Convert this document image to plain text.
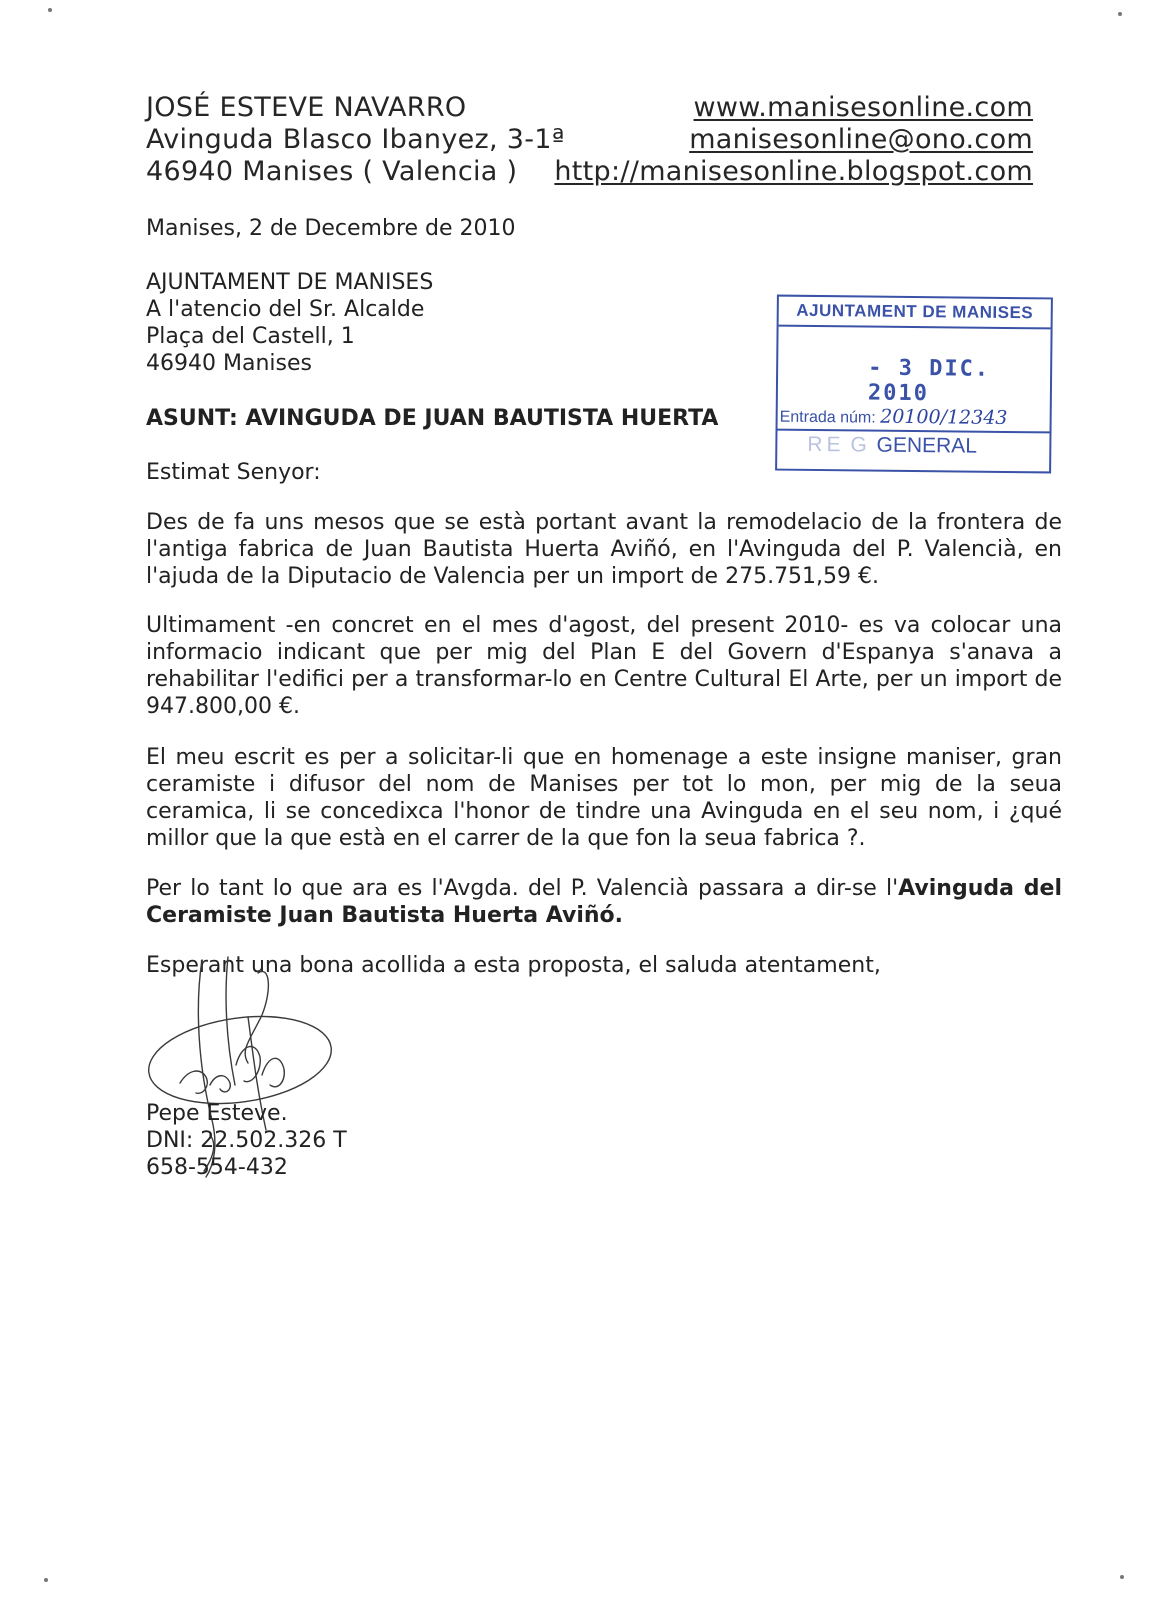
JOSÉ ESTEVE NAVARRO
Avinguda Blasco Ibanyez, 3-1ª
46940 Manises ( Valencia )
www.manisesonline.com
manisesonline@ono.com
http://manisesonline.blogspot.com
Manises, 2 de Decembre de 2010
AJUNTAMENT DE MANISES
A l'atencio del Sr. Alcalde
Plaça del Castell, 1
46940 Manises
ASUNT: AVINGUDA DE JUAN BAUTISTA HUERTA
AJUNTAMENT DE MANISES
- 3 DIC. 2010
Entrada núm: 20100/12343
RE G GENERAL
Estimat Senyor:
Des de fa uns mesos que se està portant avant la remodelacio de la frontera de l'antiga fabrica de Juan Bautista Huerta Aviñó, en l'Avinguda del P. Valencià, en l'ajuda de la Diputacio de Valencia per un import de 275.751,59 €.
Ultimament -en concret en el mes d'agost, del present 2010- es va colocar una informacio indicant que per mig del Plan E del Govern d'Espanya s'anava a rehabilitar l'edifici per a transformar-lo en Centre Cultural El Arte, per un import de 947.800,00 €.
El meu escrit es per a solicitar-li que en homenage a este insigne maniser, gran ceramiste i difusor del nom de Manises per tot lo mon, per mig de la seua ceramica, li se concedixca l'honor de tindre una Avinguda en el seu nom, i ¿qué millor que la que està en el carrer de la que fon la seua fabrica ?.
Per lo tant lo que ara es l'Avgda. del P. Valencià passara a dir-se l'Avinguda del Ceramiste Juan Bautista Huerta Aviñó.
Esperant una bona acollida a esta proposta, el saluda atentament,
Pepe Esteve.
DNI: 22.502.326 T
658-554-432
